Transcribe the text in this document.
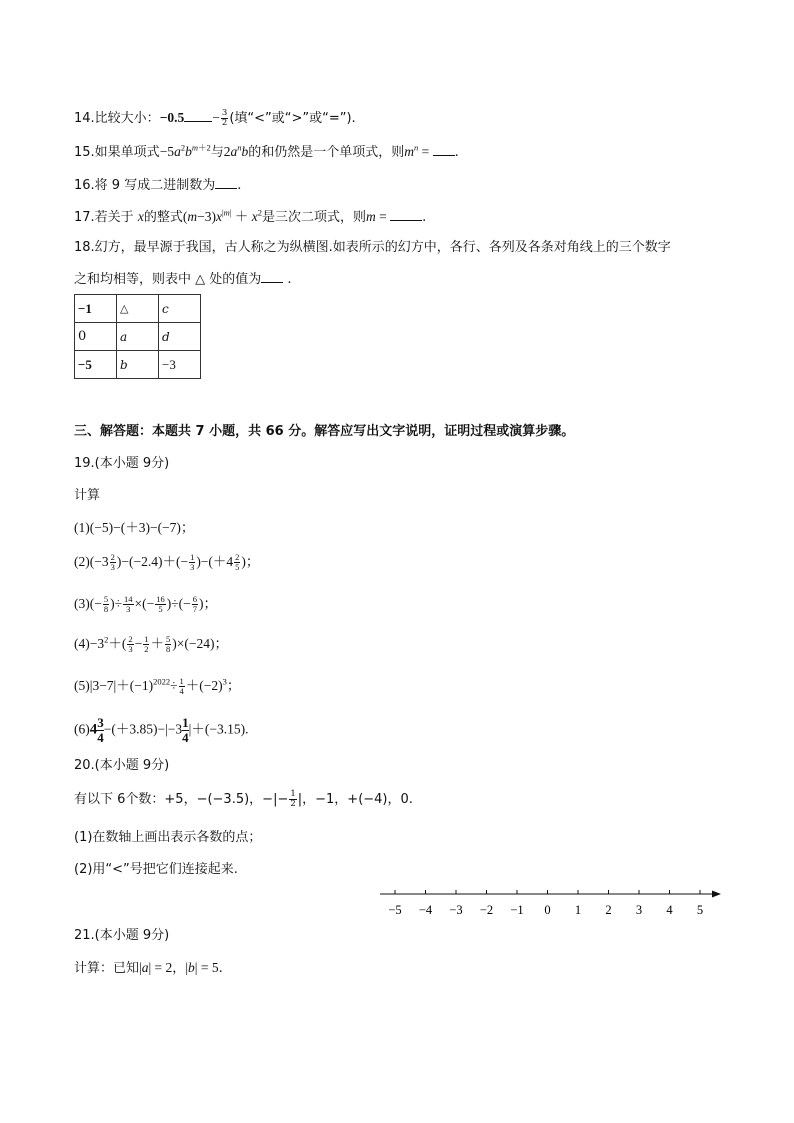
14.比较大小：$-0.5 - \frac{3}{2}$ (填“<”或“>”或“=”).
15.如果单项式$-5a^2b^{m+2}$与$2a^nb$的和仍然是一个单项式，则$m^n$ = .
16.将 9 写成二进制数为 .
17.若关于 x的整式$(m-3)x^{|m|} + x^2$是三次二项式，则m = .
18.幻方，最早源于我国，古人称之为纵横图.如表所示的幻方中，各行、各列及各条对角线上的三个数字
之和均相等，则表中 △ 处的值为 .
−1	△	c
0	a	d
−5	b	−3
三、解答题：本题共 7 小题，共 66 分。解答应写出文字说明，证明过程或演算步骤。
19.(本小题 9分)
计算
(1)(−5)−(＋3)−(−7)；
$(2)(-3 \frac{2}{3} )-(-2.4)+(- \frac{1}{3} )-(+4 \frac{2}{5}$ )；
$(3)(- \frac{5}{8}$ )÷ $\frac{14}{3}$ ×(− $\frac{16}{5}$ )÷(− $\frac{6}{7}$ )；
$(4)-3^2+( \frac{2}{3} - \frac{1}{2} + \frac{5}{8} )\times(-24)$；
$(5)|3-7|+(-1)^{2022}\div \frac{1}{4} +(-2)^3$；
$(6)4 \frac{3}{4} -(+3.85)-|-3 \frac{1}{4} |+(-3.15)$.
20.(本小题 9分)
有以下 6个数：+5，−(−3.5)，−|− $\frac{1}{2}$ |，−1，+(−4)，0.
(1)在数轴上画出表示各数的点；
(2)用“<”号把它们连接起来.
−5 −4 −3 −2 −1 0 1 2 3 4 5
21.(本小题 9分)
计算：已知|a| = 2，|b| = 5.
